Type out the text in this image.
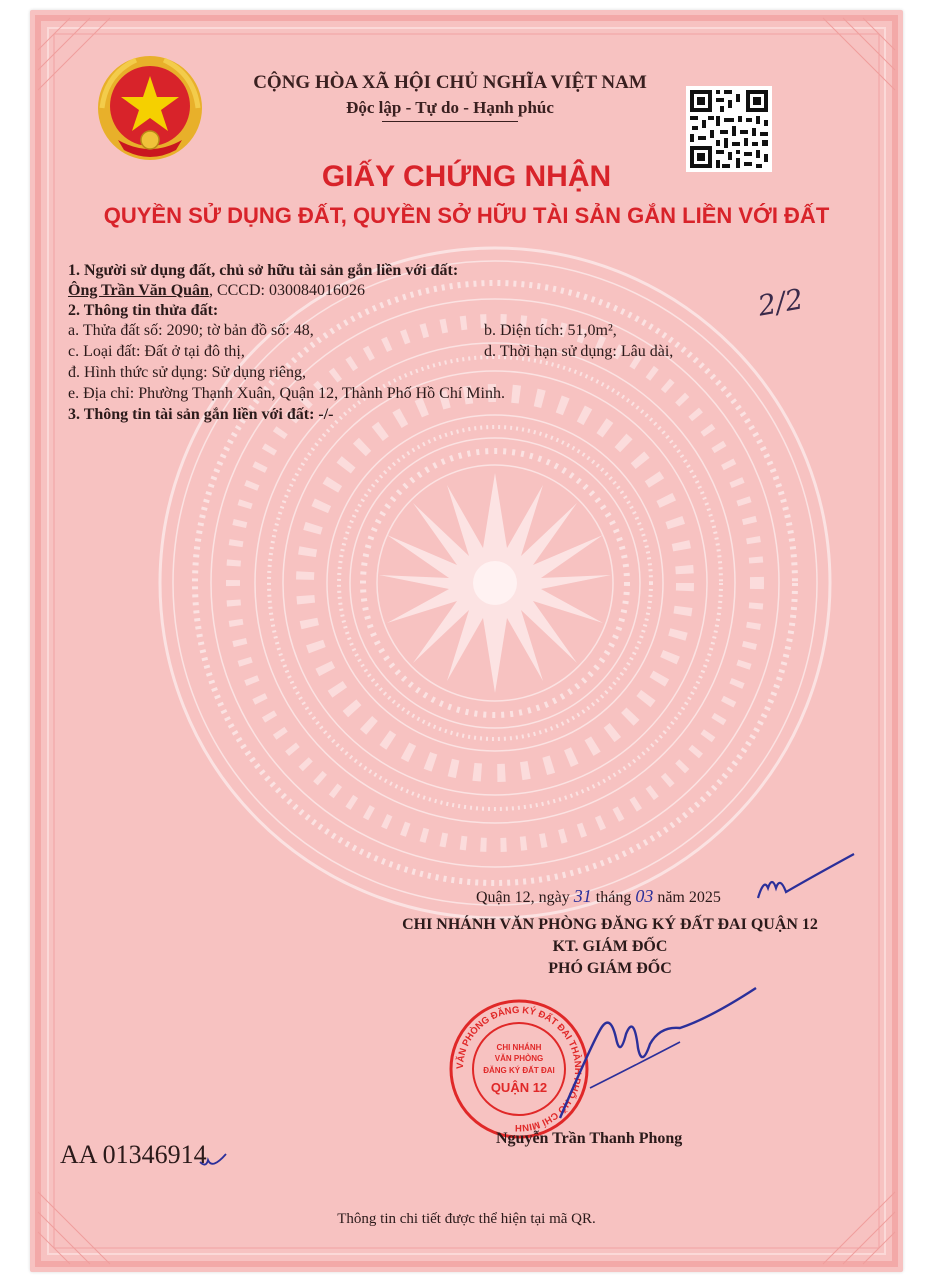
CỘNG HÒA XÃ HỘI CHỦ NGHĨA VIỆT NAM
Độc lập - Tự do - Hạnh phúc
GIẤY CHỨNG NHẬN
QUYỀN SỬ DỤNG ĐẤT, QUYỀN SỞ HỮU TÀI SẢN GẮN LIỀN VỚI ĐẤT
1. Người sử dụng đất, chủ sở hữu tài sản gắn liền với đất:
Ông Trần Văn Quân, CCCD: 030084016026	2/2
2. Thông tin thửa đất:
a. Thửa đất số: 2090; tờ bản đồ số: 48,	b. Diện tích: 51,0m²,
c. Loại đất: Đất ở tại đô thị,	d. Thời hạn sử dụng: Lâu dài,
đ. Hình thức sử dụng: Sử dụng riêng,
e. Địa chỉ: Phường Thạnh Xuân, Quận 12, Thành Phố Hồ Chí Minh.
3. Thông tin tài sản gắn liền với đất: -/-
Quận 12, ngày 31 tháng 03 năm 2025
CHI NHÁNH VĂN PHÒNG ĐĂNG KÝ ĐẤT ĐAI QUẬN 12
KT. GIÁM ĐỐC
PHÓ GIÁM ĐỐC
VĂN PHÒNG ĐĂNG KÝ ĐẤT ĐAI THÀNH PHỐ HỒ CHÍ MINH
CHI NHÁNH
VĂN PHÒNG
ĐĂNG KÝ ĐẤT ĐAI
QUẬN 12
Nguyễn Trần Thanh Phong
AA 01346914
Thông tin chi tiết được thể hiện tại mã QR.
